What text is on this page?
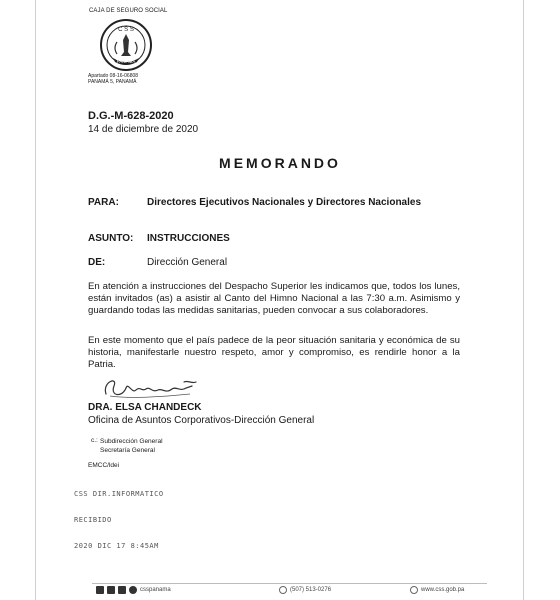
CAJA DE SEGURO SOCIAL
C S S
PANAMA
Apartado 08-16-06808
PANAMÁ 5, PANAMÁ
D.G.-M-628-2020
14 de diciembre de 2020
MEMORANDO
PARA:	Directores Ejecutivos Nacionales y Directores Nacionales
ASUNTO: INSTRUCCIONES
DE:	Dirección General
En atención a instrucciones del Despacho Superior les indicamos que, todos los lunes, están invitados (as) a asistir al Canto del Himno Nacional a las 7:30 a.m. Asimismo y guardando todas las medidas sanitarias, pueden convocar a sus colaboradores.
En este momento que el país padece de la peor situación sanitaria y económica de su historia, manifestarle nuestro respeto, amor y compromiso, es rendirle honor a la Patria.
DRA. ELSA CHANDECK
Oficina de Asuntos Corporativos-Dirección General
c.: Subdirección General
Secretaría General
EMCC/ldei
CSS DIR.INFORMATICO
RECIBIDO
2020 DIC 17 8:45AM
csspanama	(507) 513-0276	www.css.gob.pa
